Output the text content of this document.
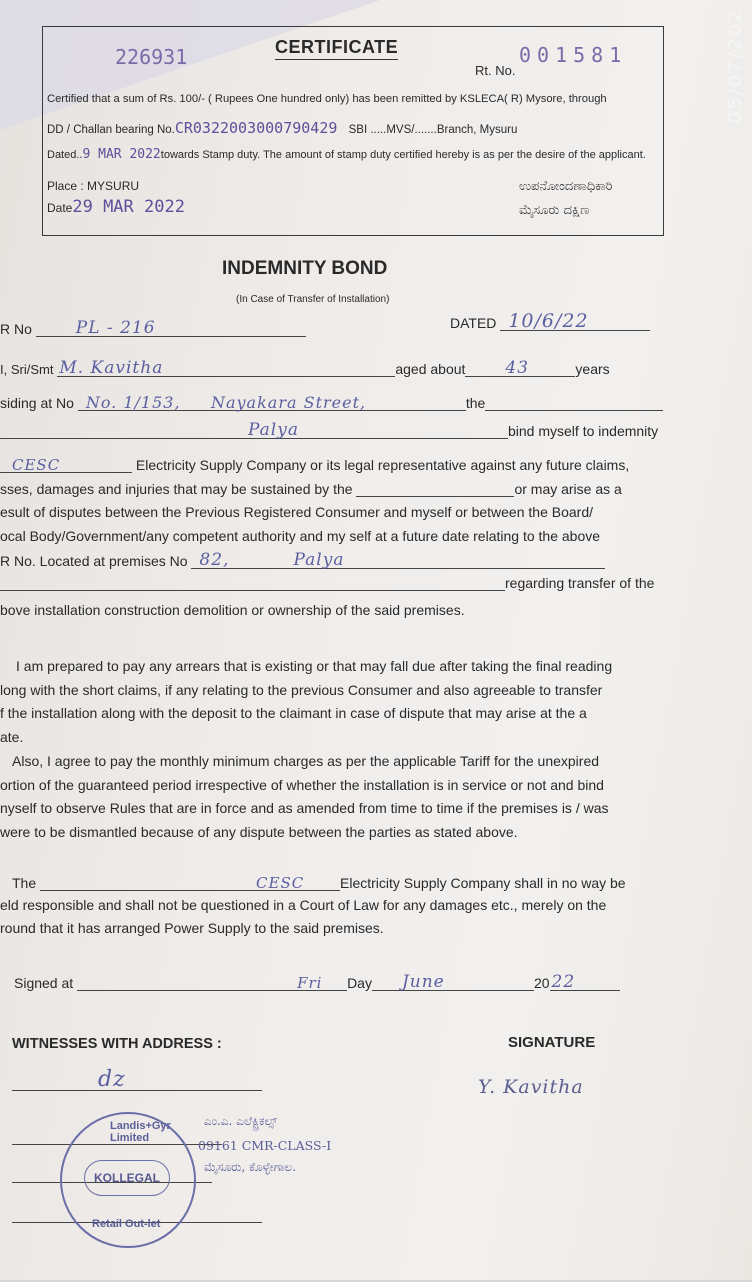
05/07/202
226931	CERTIFICATE
Rt. No.
001581
Certified that a sum of Rs. 100/- ( Rupees One hundred only) has been remitted by KSLECA( R) Mysore, through
DD / Challan bearing No.CR0322003000790429 SBI .....MVS/.......Branch, Mysuru
Dated..9 MAR 2022towards Stamp duty. The amount of stamp duty certified hereby is as per the desire of the applicant.
Place : MYSURU
Date29 MAR 2022
ಉಪನೋಂದಣಾಧಿಕಾರಿ
ಮೈಸೂರು ದಕ್ಷಿಣ
INDEMNITY BOND
(In Case of Transfer of Installation)
R No	PL - 216	DATED 10/6/22
I, Sri/Smt M. Kavitha	aged about 43	years
siding at No No. 1/153,     Nayakara Street,	the
Palya	bind myself to indemnity
CESC	Electricity Supply Company or its legal representative against any future claims,
sses, damages and injuries that may be sustained by the	or may arise as a
esult of disputes between the Previous Registered Consumer and myself or between the Board/
ocal Body/Government/any competent authority and my self at a future date relating to the above
R No. Located at premises No 82,          Palya
regarding transfer of the
bove installation construction demolition or ownership of the said premises.
I am prepared to pay any arrears that is existing or that may fall due after taking the final reading
long with the short claims, if any relating to the previous Consumer and also agreeable to transfer
f the installation along with the deposit to the claimant in case of dispute that may arise at the a
ate.
Also, I agree to pay the monthly minimum charges as per the applicable Tariff for the unexpired
ortion of the guaranteed period irrespective of whether the installation is in service or not and bind
nyself to observe Rules that are in force and as amended from time to time if the premises is / was
were to be dismantled because of any dispute between the parties as stated above.
The	CESC	Electricity Supply Company shall in no way be
eld responsible and shall not be questioned in a Court of Law for any damages etc., merely on the
round that it has arranged Power Supply to the said premises.
Signed at	Fri Day June	20 22
WITNESSES WITH ADDRESS :	SIGNATURE
dz	Y. Kavitha
Landis+Gyr Limited
KOLLEGAL
Retail Out-let
ಎಂ.ಎ. ಎಲೆಕ್ಟ್ರಿಕಲ್ಸ್
09161 CMR-CLASS-I
ಮೈಸೂರು, ಕೊಳ್ಳೇಗಾಲ.
